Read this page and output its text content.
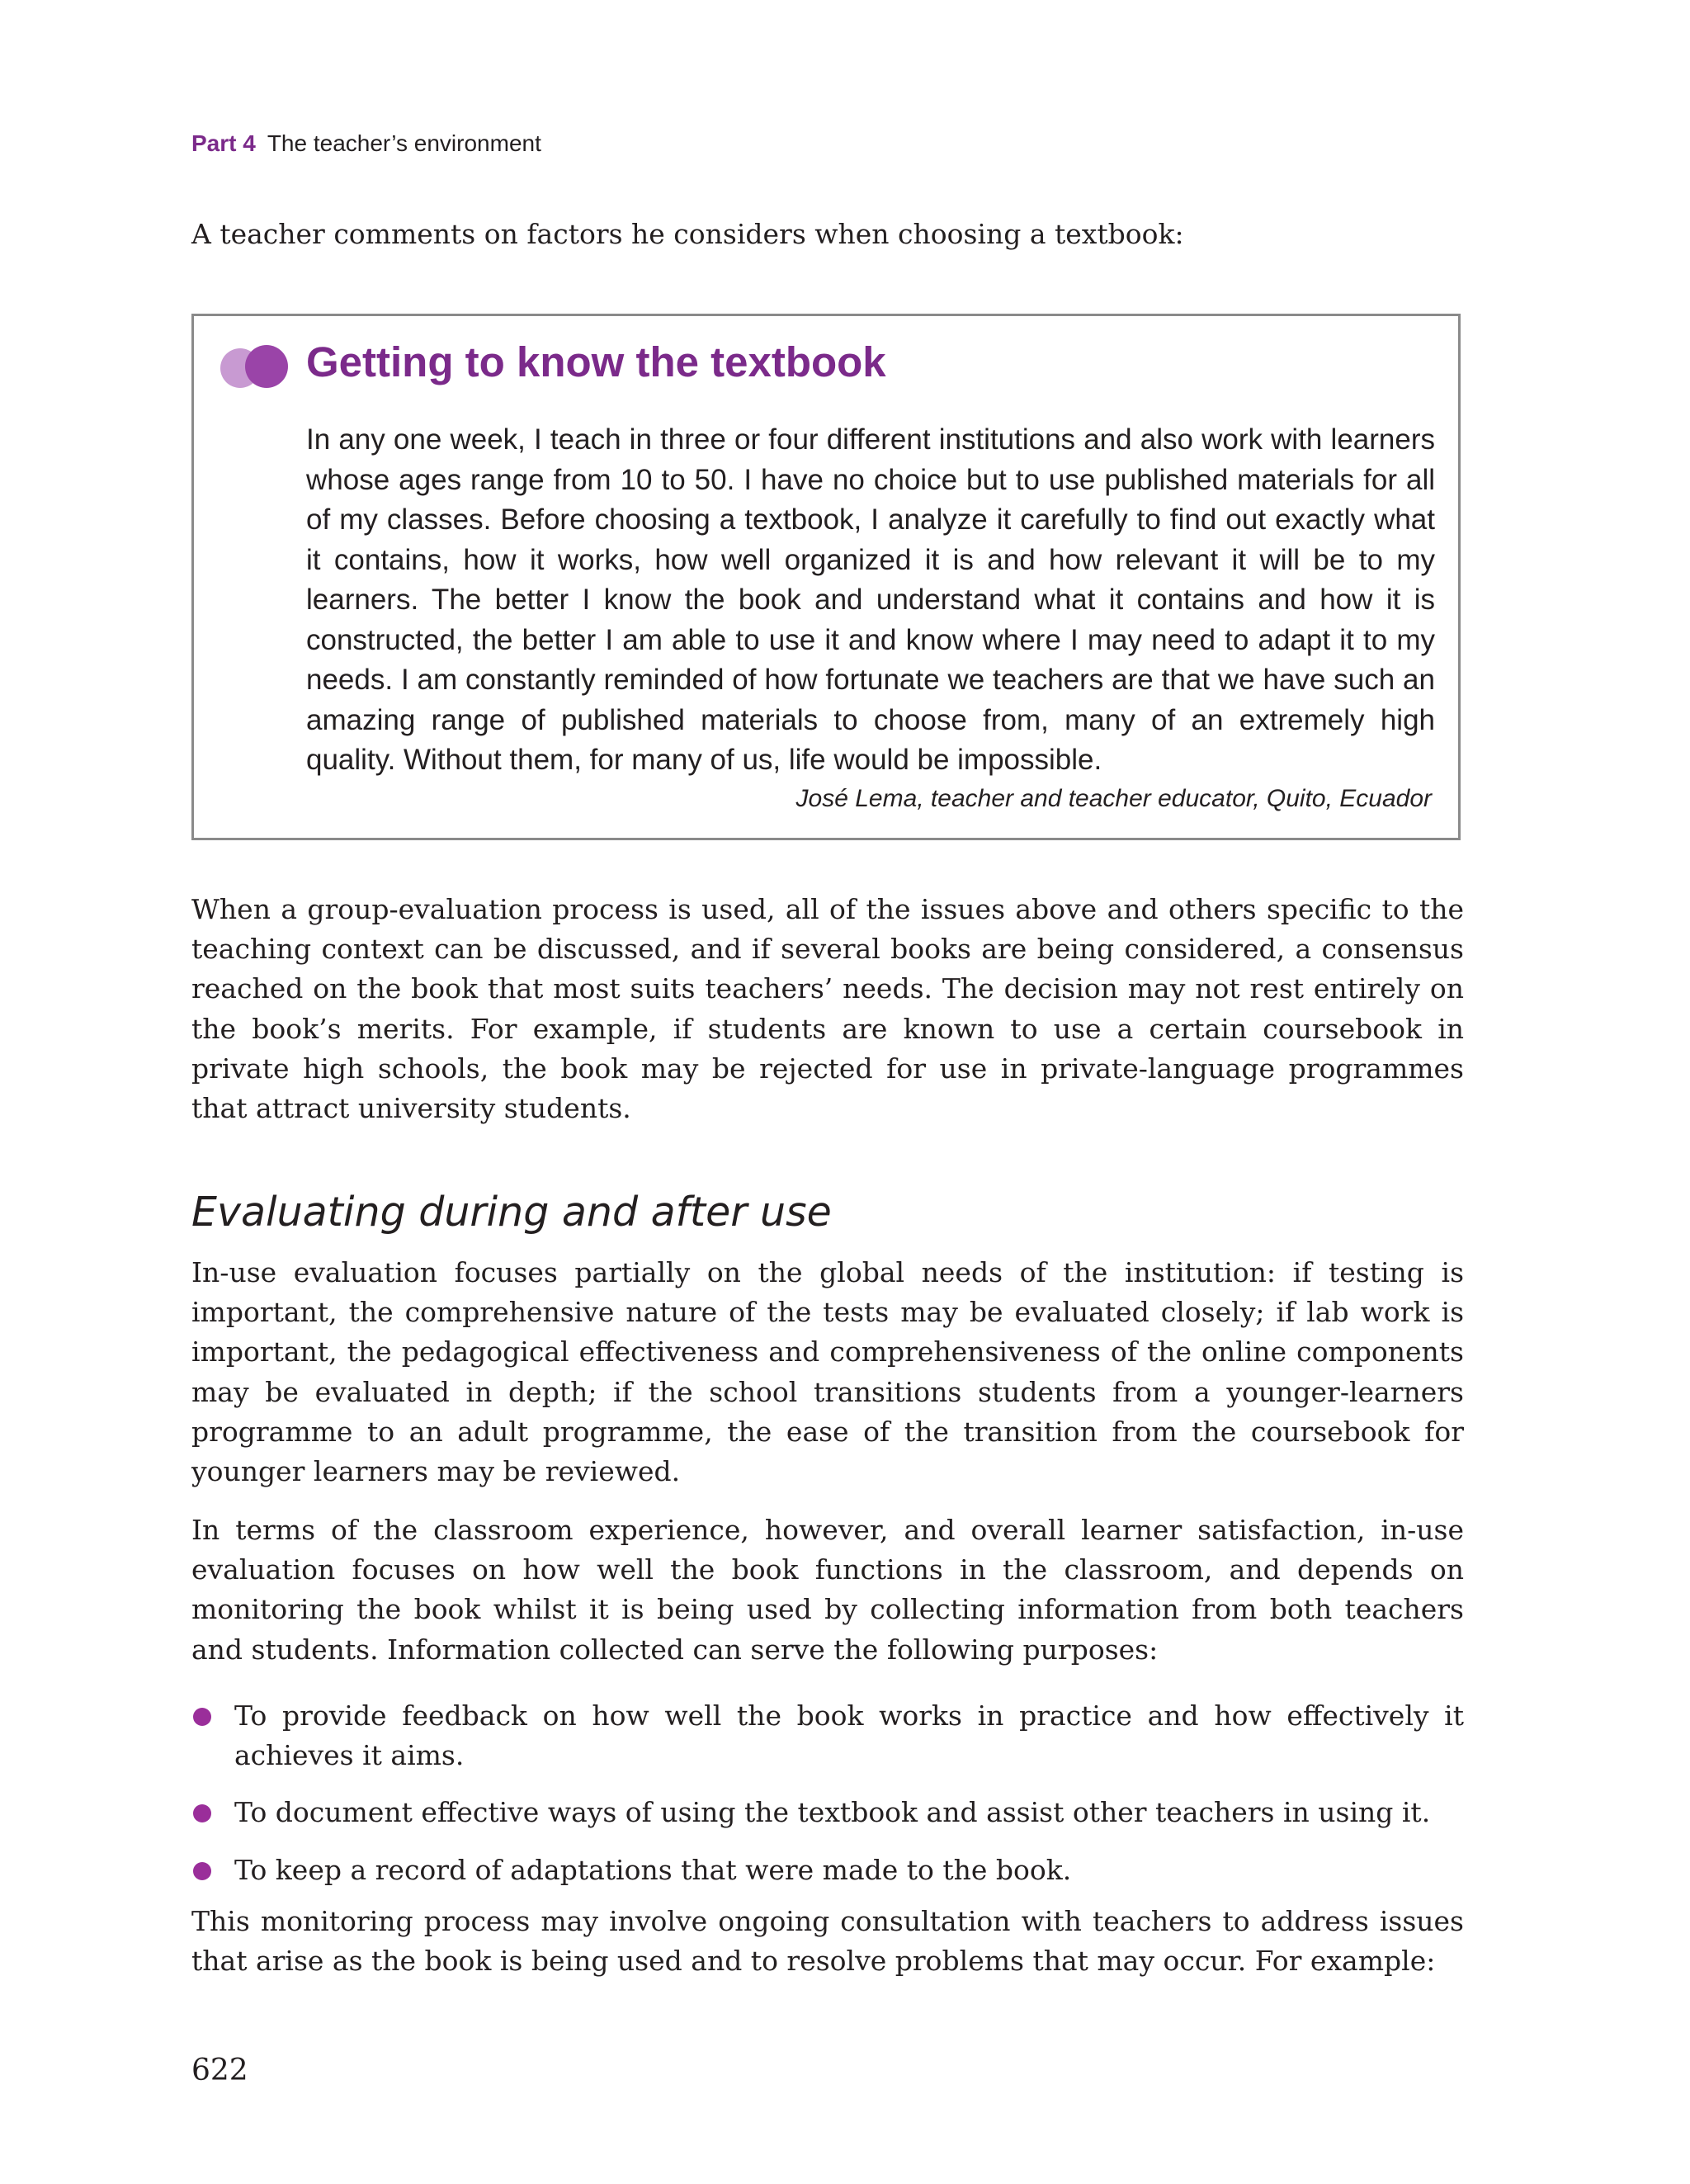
Part 4 The teacher’s environment

A teacher comments on factors he considers when choosing a textbook:

Getting to know the textbook

In any one week, I teach in three or four different institutions and also work with learners whose ages range from 10 to 50. I have no choice but to use published materials for all of my classes. Before choosing a textbook, I analyze it carefully to find out exactly what it contains, how it works, how well organized it is and how relevant it will be to my learners. The better I know the book and understand what it contains and how it is constructed, the better I am able to use it and know where I may need to adapt it to my needs. I am constantly reminded of how fortunate we teachers are that we have such an amazing range of published materials to choose from, many of an extremely high quality. Without them, for many of us, life would be impossible.

José Lema, teacher and teacher educator, Quito, Ecuador

When a group-evaluation process is used, all of the issues above and others specific to the teaching context can be discussed, and if several books are being considered, a consensus reached on the book that most suits teachers’ needs. The decision may not rest entirely on the book’s merits. For example, if students are known to use a certain coursebook in private high schools, the book may be rejected for use in private-language programmes that attract university students.

Evaluating during and after use

In-use evaluation focuses partially on the global needs of the institution: if testing is important, the comprehensive nature of the tests may be evaluated closely; if lab work is important, the pedagogical effectiveness and comprehensiveness of the online components may be evaluated in depth; if the school transitions students from a younger-learners programme to an adult programme, the ease of the transition from the coursebook for younger learners may be reviewed.

In terms of the classroom experience, however, and overall learner satisfaction, in-use evaluation focuses on how well the book functions in the classroom, and depends on monitoring the book whilst it is being used by collecting information from both teachers and students. Information collected can serve the following purposes:

To provide feedback on how well the book works in practice and how effectively it achieves it aims.
To document effective ways of using the textbook and assist other teachers in using it.
To keep a record of adaptations that were made to the book.

This monitoring process may involve ongoing consultation with teachers to address issues that arise as the book is being used and to resolve problems that may occur. For example:

622
